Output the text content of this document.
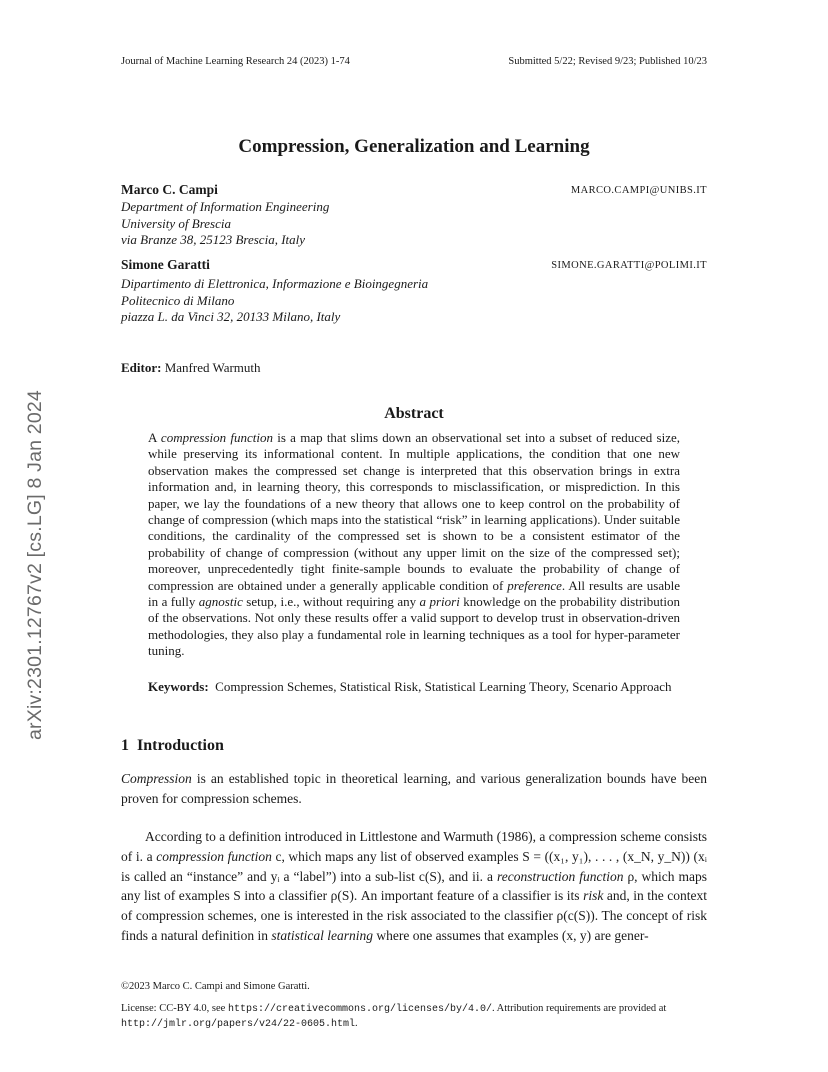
Journal of Machine Learning Research 24 (2023) 1-74	Submitted 5/22; Revised 9/23; Published 10/23
arXiv:2301.12767v2 [cs.LG] 8 Jan 2024
Compression, Generalization and Learning
Marco C. Campi	MARCO.CAMPI@UNIBS.IT
Department of Information Engineering
University of Brescia
via Branze 38, 25123 Brescia, Italy
Simone Garatti	SIMONE.GARATTI@POLIMI.IT
Dipartimento di Elettronica, Informazione e Bioingegneria
Politecnico di Milano
piazza L. da Vinci 32, 20133 Milano, Italy
Editor: Manfred Warmuth
Abstract
A compression function is a map that slims down an observational set into a subset of reduced size, while preserving its informational content. In multiple applications, the condition that one new observation makes the compressed set change is interpreted that this observation brings in extra information and, in learning theory, this corresponds to misclassification, or misprediction. In this paper, we lay the foundations of a new theory that allows one to keep control on the probability of change of compression (which maps into the statistical “risk” in learning applications). Under suitable conditions, the cardinality of the compressed set is shown to be a consistent estimator of the probability of change of compression (without any upper limit on the size of the compressed set); moreover, unprecedentedly tight finite-sample bounds to evaluate the probability of change of compression are obtained under a generally applicable condition of preference. All results are usable in a fully agnostic setup, i.e., without requiring any a priori knowledge on the probability distribution of the observations. Not only these results offer a valid support to develop trust in observation-driven methodologies, they also play a fundamental role in learning techniques as a tool for hyper-parameter tuning.
Keywords: Compression Schemes, Statistical Risk, Statistical Learning Theory, Scenario Approach
1 Introduction
Compression is an established topic in theoretical learning, and various generalization bounds have been proven for compression schemes.
According to a definition introduced in Littlestone and Warmuth (1986), a compression scheme consists of i. a compression function c, which maps any list of observed examples S = ((x₁, y₁), . . . , (x_N, y_N)) (xᵢ is called an “instance” and yᵢ a “label”) into a sub-list c(S), and ii. a reconstruction function ρ, which maps any list of examples S into a classifier ρ(S). An important feature of a classifier is its risk and, in the context of compression schemes, one is interested in the risk associated to the classifier ρ(c(S)). The concept of risk finds a natural definition in statistical learning where one assumes that examples (x, y) are gener-
©2023 Marco C. Campi and Simone Garatti.
License: CC-BY 4.0, see https://creativecommons.org/licenses/by/4.0/. Attribution requirements are provided at http://jmlr.org/papers/v24/22-0605.html.
